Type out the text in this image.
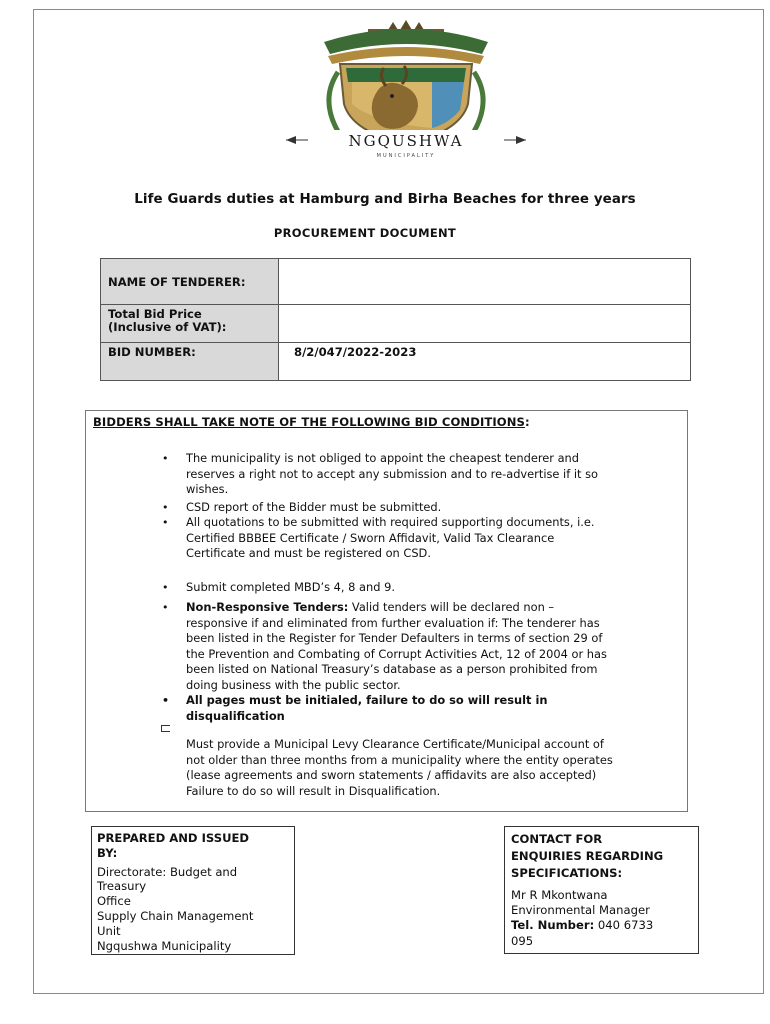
NGQUSHWA
MUNICIPALITY
Life Guards duties at Hamburg and Birha Beaches for three years
PROCUREMENT DOCUMENT
NAME OF TENDERER:	

Total Bid Price
(Inclusive of VAT):	

BID NUMBER:	8/2/047/2022-2023
BIDDERS SHALL TAKE NOTE OF THE FOLLOWING BID CONDITIONS:
•	The municipality is not obliged to appoint the cheapest tenderer and
reserves a right not to accept any submission and to re-advertise if it so
wishes.
•	CSD report of the Bidder must be submitted.
•	All quotations to be submitted with required supporting documents, i.e.
Certified BBBEE Certificate / Sworn Affidavit, Valid Tax Clearance
Certificate and must be registered on CSD.
•	Submit completed MBD’s 4, 8 and 9.
•	Non-Responsive Tenders: Valid tenders will be declared non –
responsive if and eliminated from further evaluation if: The tenderer has
been listed in the Register for Tender Defaulters in terms of section 29 of
the Prevention and Combating of Corrupt Activities Act, 12 of 2004 or has
been listed on National Treasury’s database as a person prohibited from
doing business with the public sector.
• All pages must be initialed, failure to do so will result in
disqualification
Must provide a Municipal Levy Clearance Certificate/Municipal account of
not older than three months from a municipality where the entity operates
(lease agreements and sworn statements / affidavits are also accepted)
Failure to do so will result in Disqualification.
PREPARED AND ISSUED
BY:
Directorate: Budget and
Treasury
Office
Supply Chain Management
Unit
Ngqushwa Municipality
CONTACT FOR
ENQUIRIES REGARDING
SPECIFICATIONS:
Mr R Mkontwana
Environmental Manager
Tel. Number: 040 6733
095
